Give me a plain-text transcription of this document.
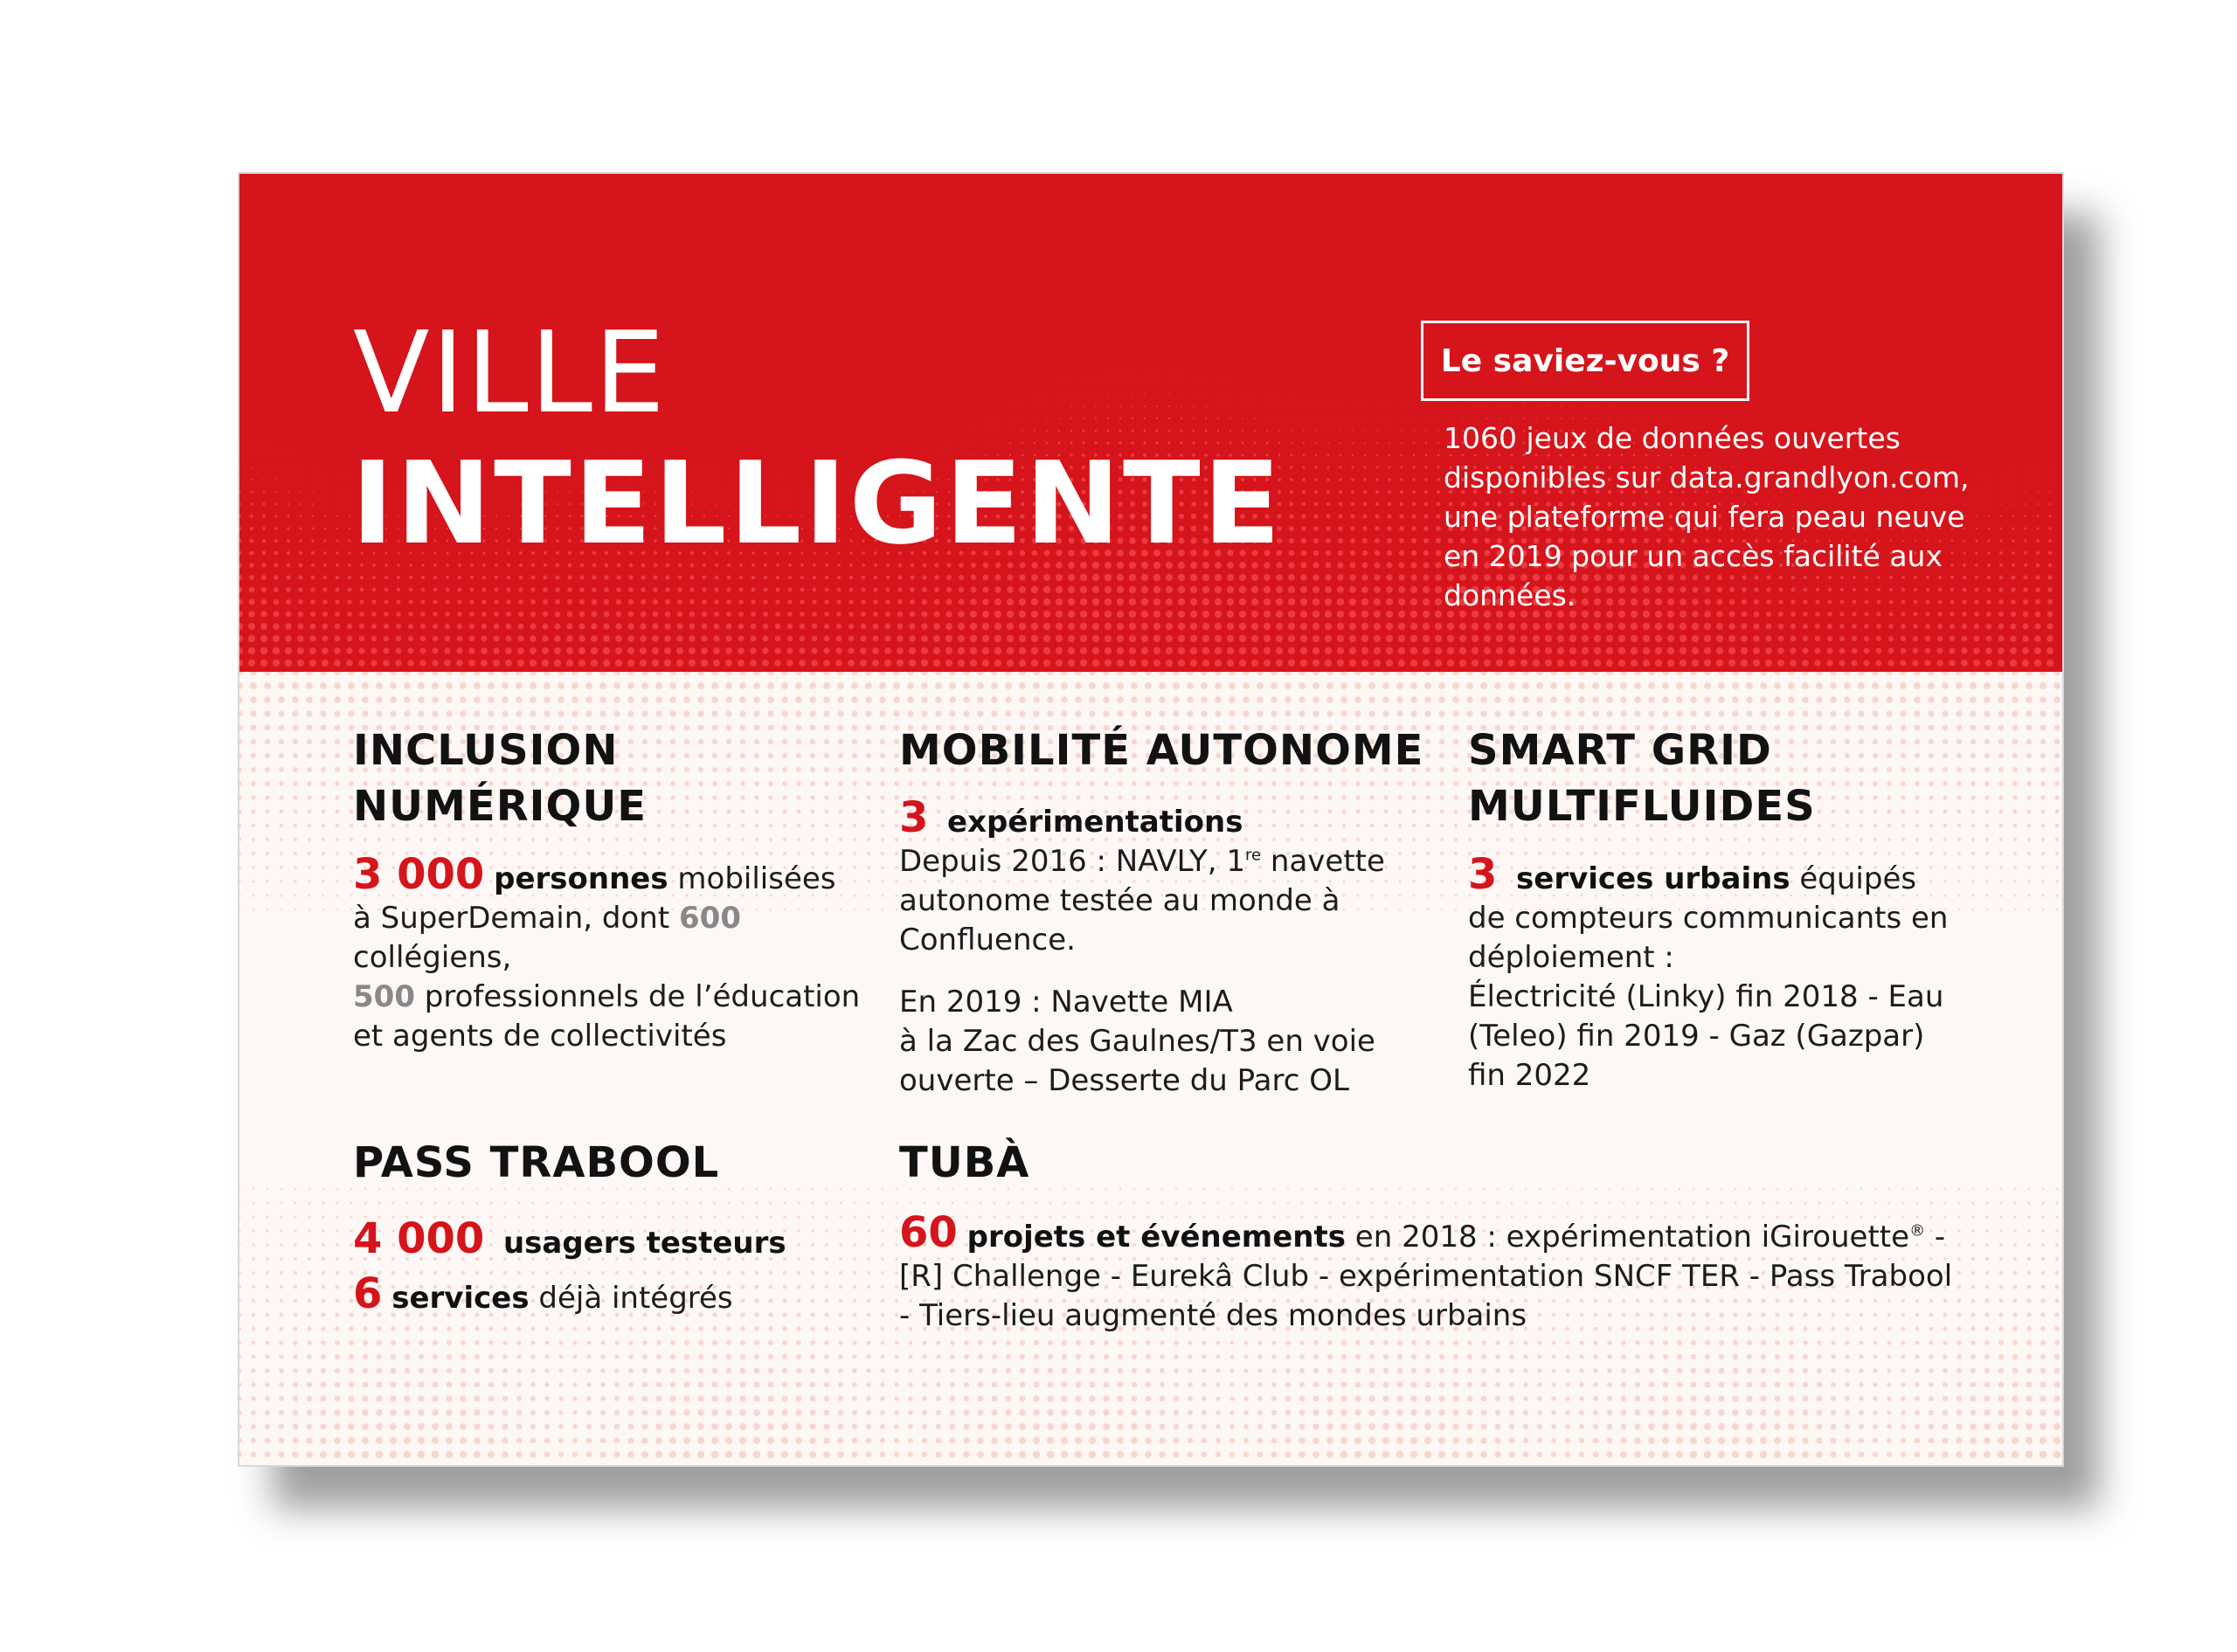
VILLE
INTELLIGENTE
Le saviez-vous ?
1060 jeux de données ouvertes
disponibles sur data.grandlyon.com,
une plateforme qui fera peau neuve
en 2019 pour un accès facilité aux
données.
INCLUSION
NUMÉRIQUE
3 000 personnes mobilisées
à SuperDemain, dont 600
collégiens,
500 professionnels de l’éducation
et agents de collectivités
MOBILITÉ AUTONOME
3 expérimentations
Depuis 2016 : NAVLY, 1re navette
autonome testée au monde à
Confluence.
En 2019 : Navette MIA
à la Zac des Gaulnes/T3 en voie
ouverte – Desserte du Parc OL
SMART GRID
MULTIFLUIDES
3 services urbains équipés
de compteurs communicants en
déploiement :
Électricité (Linky) fin 2018 - Eau
(Teleo) fin 2019 - Gaz (Gazpar)
fin 2022
PASS TRABOOL
4 000 usagers testeurs
6 services déjà intégrés
TUBÀ
60 projets et événements en 2018 : expérimentation iGirouette® -
[R] Challenge - Eurekâ Club - expérimentation SNCF TER - Pass Trabool
- Tiers-lieu augmenté des mondes urbains
